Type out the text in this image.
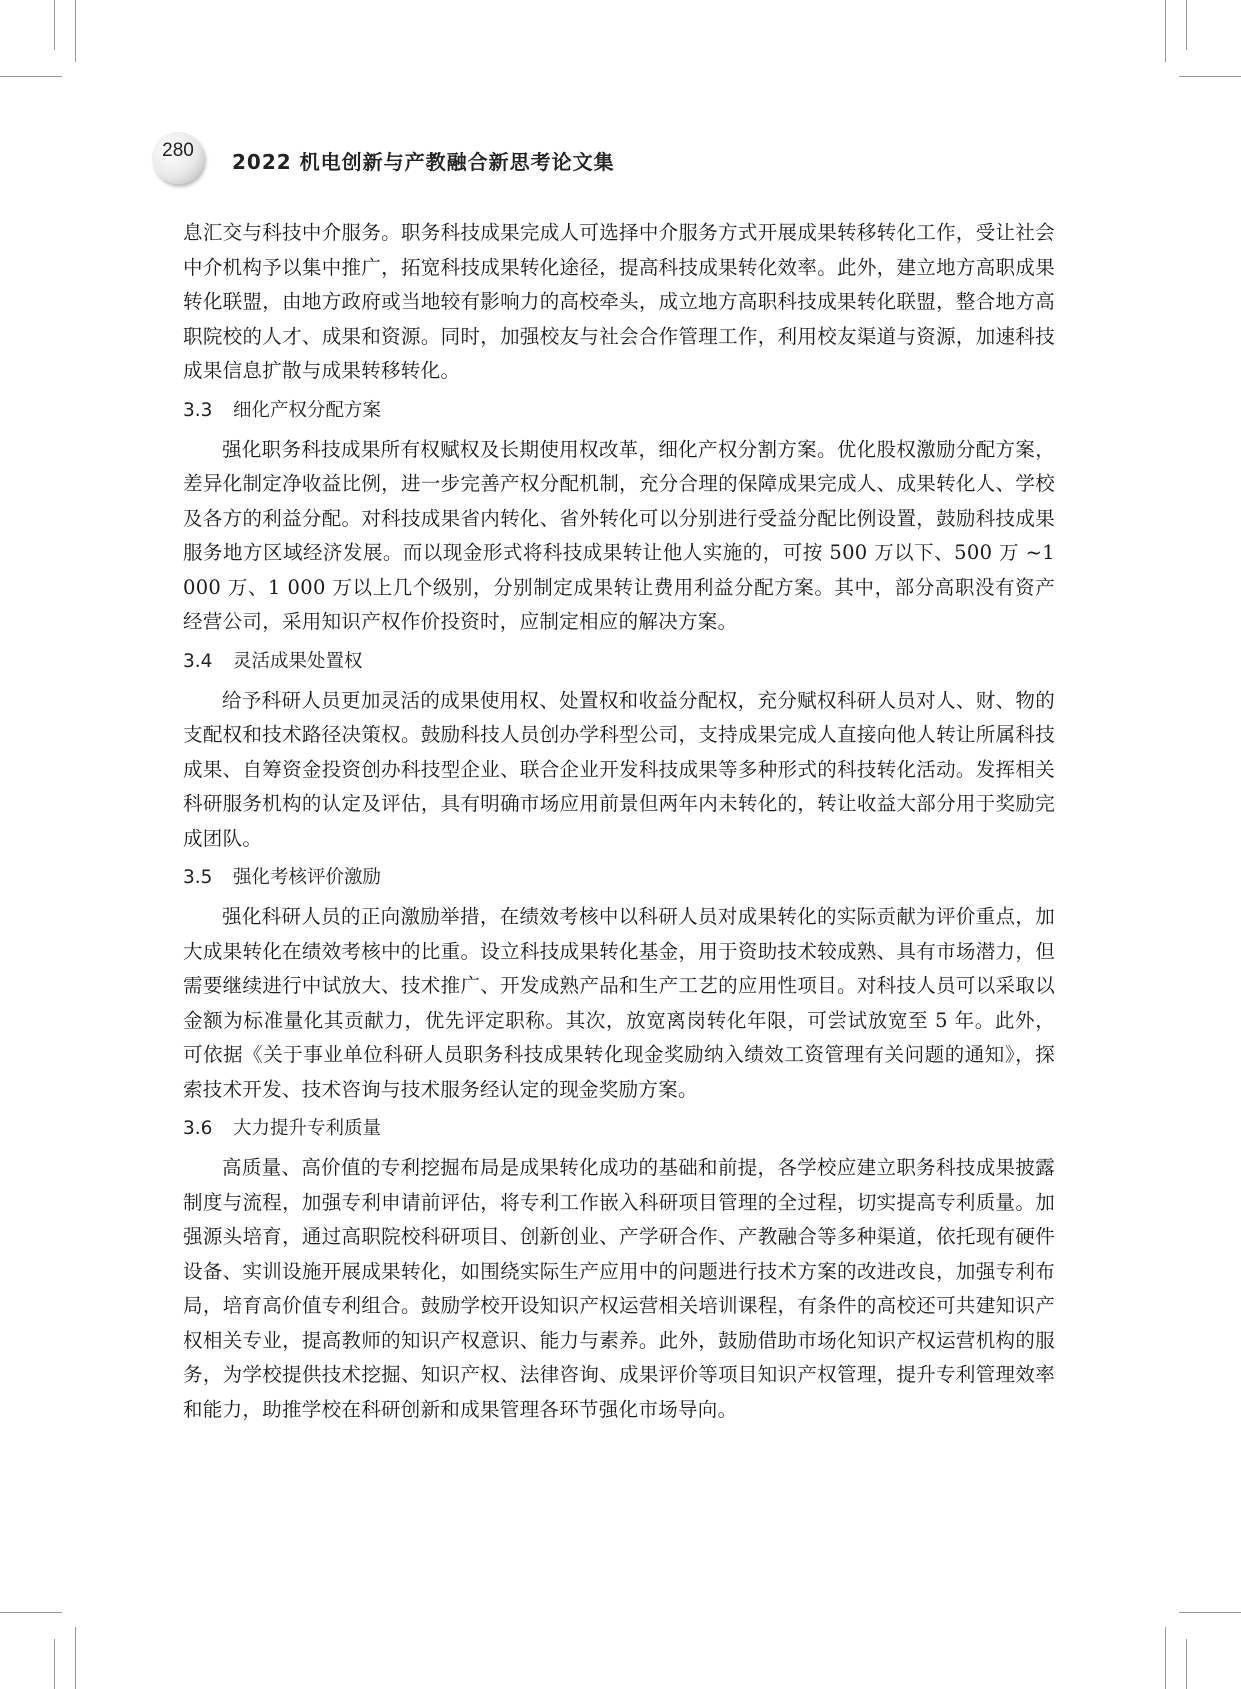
280	2022 机电创新与产教融合新思考论文集

息汇交与科技中介服务。职务科技成果完成人可选择中介服务方式开展成果转移转化工作，受让社会中介机构予以集中推广，拓宽科技成果转化途径，提高科技成果转化效率。此外，建立地方高职成果转化联盟，由地方政府或当地较有影响力的高校牵头，成立地方高职科技成果转化联盟，整合地方高职院校的人才、成果和资源。同时，加强校友与社会合作管理工作，利用校友渠道与资源，加速科技成果信息扩散与成果转移转化。

3.3 细化产权分配方案

强化职务科技成果所有权赋权及长期使用权改革，细化产权分割方案。优化股权激励分配方案，差异化制定净收益比例，进一步完善产权分配机制，充分合理的保障成果完成人、成果转化人、学校及各方的利益分配。对科技成果省内转化、省外转化可以分别进行受益分配比例设置，鼓励科技成果服务地方区域经济发展。而以现金形式将科技成果转让他人实施的，可按 500 万以下、500 万 ~1 000 万、1 000 万以上几个级别，分别制定成果转让费用利益分配方案。其中，部分高职没有资产经营公司，采用知识产权作价投资时，应制定相应的解决方案。

3.4 灵活成果处置权

给予科研人员更加灵活的成果使用权、处置权和收益分配权，充分赋权科研人员对人、财、物的支配权和技术路径决策权。鼓励科技人员创办学科型公司，支持成果完成人直接向他人转让所属科技成果、自筹资金投资创办科技型企业、联合企业开发科技成果等多种形式的科技转化活动。发挥相关科研服务机构的认定及评估，具有明确市场应用前景但两年内未转化的，转让收益大部分用于奖励完成团队。

3.5 强化考核评价激励

强化科研人员的正向激励举措，在绩效考核中以科研人员对成果转化的实际贡献为评价重点，加大成果转化在绩效考核中的比重。设立科技成果转化基金，用于资助技术较成熟、具有市场潜力，但需要继续进行中试放大、技术推广、开发成熟产品和生产工艺的应用性项目。对科技人员可以采取以金额为标准量化其贡献力，优先评定职称。其次，放宽离岗转化年限，可尝试放宽至 5 年。此外，可依据《关于事业单位科研人员职务科技成果转化现金奖励纳入绩效工资管理有关问题的通知》，探索技术开发、技术咨询与技术服务经认定的现金奖励方案。

3.6 大力提升专利质量

高质量、高价值的专利挖掘布局是成果转化成功的基础和前提，各学校应建立职务科技成果披露制度与流程，加强专利申请前评估，将专利工作嵌入科研项目管理的全过程，切实提高专利质量。加强源头培育，通过高职院校科研项目、创新创业、产学研合作、产教融合等多种渠道，依托现有硬件设备、实训设施开展成果转化，如围绕实际生产应用中的问题进行技术方案的改进改良，加强专利布局，培育高价值专利组合。鼓励学校开设知识产权运营相关培训课程，有条件的高校还可共建知识产权相关专业，提高教师的知识产权意识、能力与素养。此外，鼓励借助市场化知识产权运营机构的服务，为学校提供技术挖掘、知识产权、法律咨询、成果评价等项目知识产权管理，提升专利管理效率和能力，助推学校在科研创新和成果管理各环节强化市场导向。
